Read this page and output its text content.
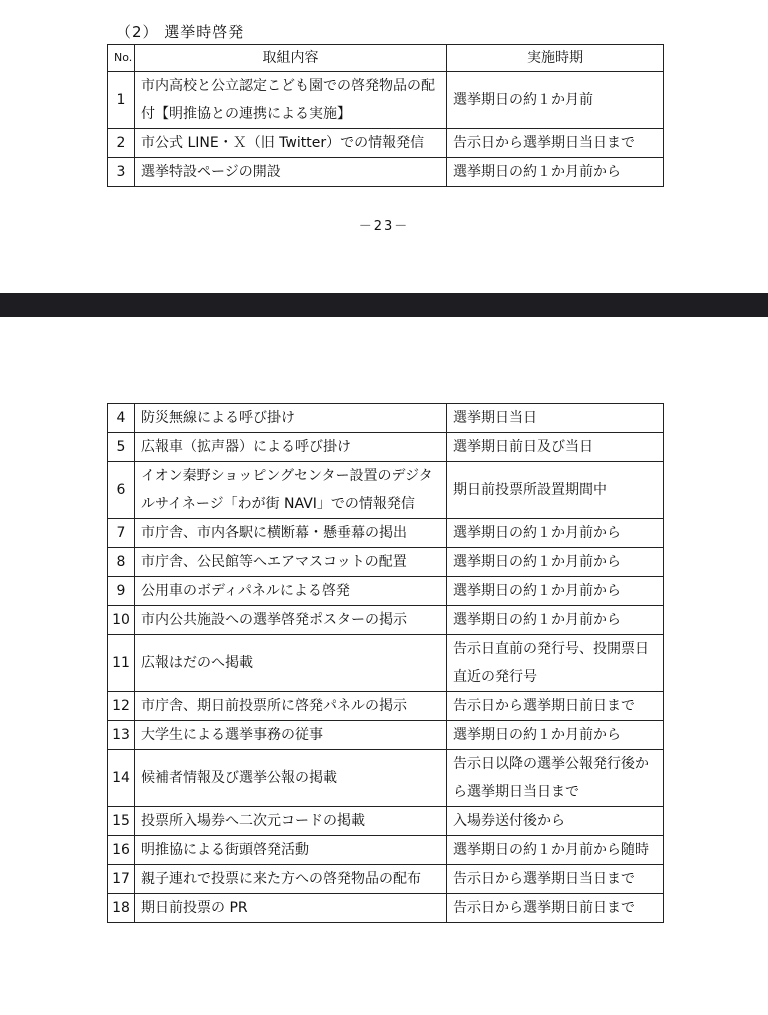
（2） 選挙時啓発
No.	取組内容	実施時期
1	市内高校と公立認定こども園での啓発物品の配付【明推協との連携による実施】	選挙期日の約１か月前
2	市公式 LINE・Ｘ（旧 Twitter）での情報発信	告示日から選挙期日当日まで
3	選挙特設ページの開設	選挙期日の約１か月前から
－23－
4	防災無線による呼び掛け	選挙期日当日
5	広報車（拡声器）による呼び掛け	選挙期日前日及び当日
6	イオン秦野ショッピングセンター設置のデジタルサイネージ「わが街 NAVI」での情報発信	期日前投票所設置期間中
7	市庁舎、市内各駅に横断幕・懸垂幕の掲出	選挙期日の約１か月前から
8	市庁舎、公民館等へエアマスコットの配置	選挙期日の約１か月前から
9	公用車のボディパネルによる啓発	選挙期日の約１か月前から
10	市内公共施設への選挙啓発ポスターの掲示	選挙期日の約１か月前から
11	広報はだのへ掲載	告示日直前の発行号、投開票日直近の発行号
12	市庁舎、期日前投票所に啓発パネルの掲示	告示日から選挙期日前日まで
13	大学生による選挙事務の従事	選挙期日の約１か月前から
14	候補者情報及び選挙公報の掲載	告示日以降の選挙公報発行後から選挙期日当日まで
15	投票所入場券へ二次元コードの掲載	入場券送付後から
16	明推協による街頭啓発活動	選挙期日の約１か月前から随時
17	親子連れで投票に来た方への啓発物品の配布	告示日から選挙期日当日まで
18	期日前投票の PR	告示日から選挙期日前日まで
